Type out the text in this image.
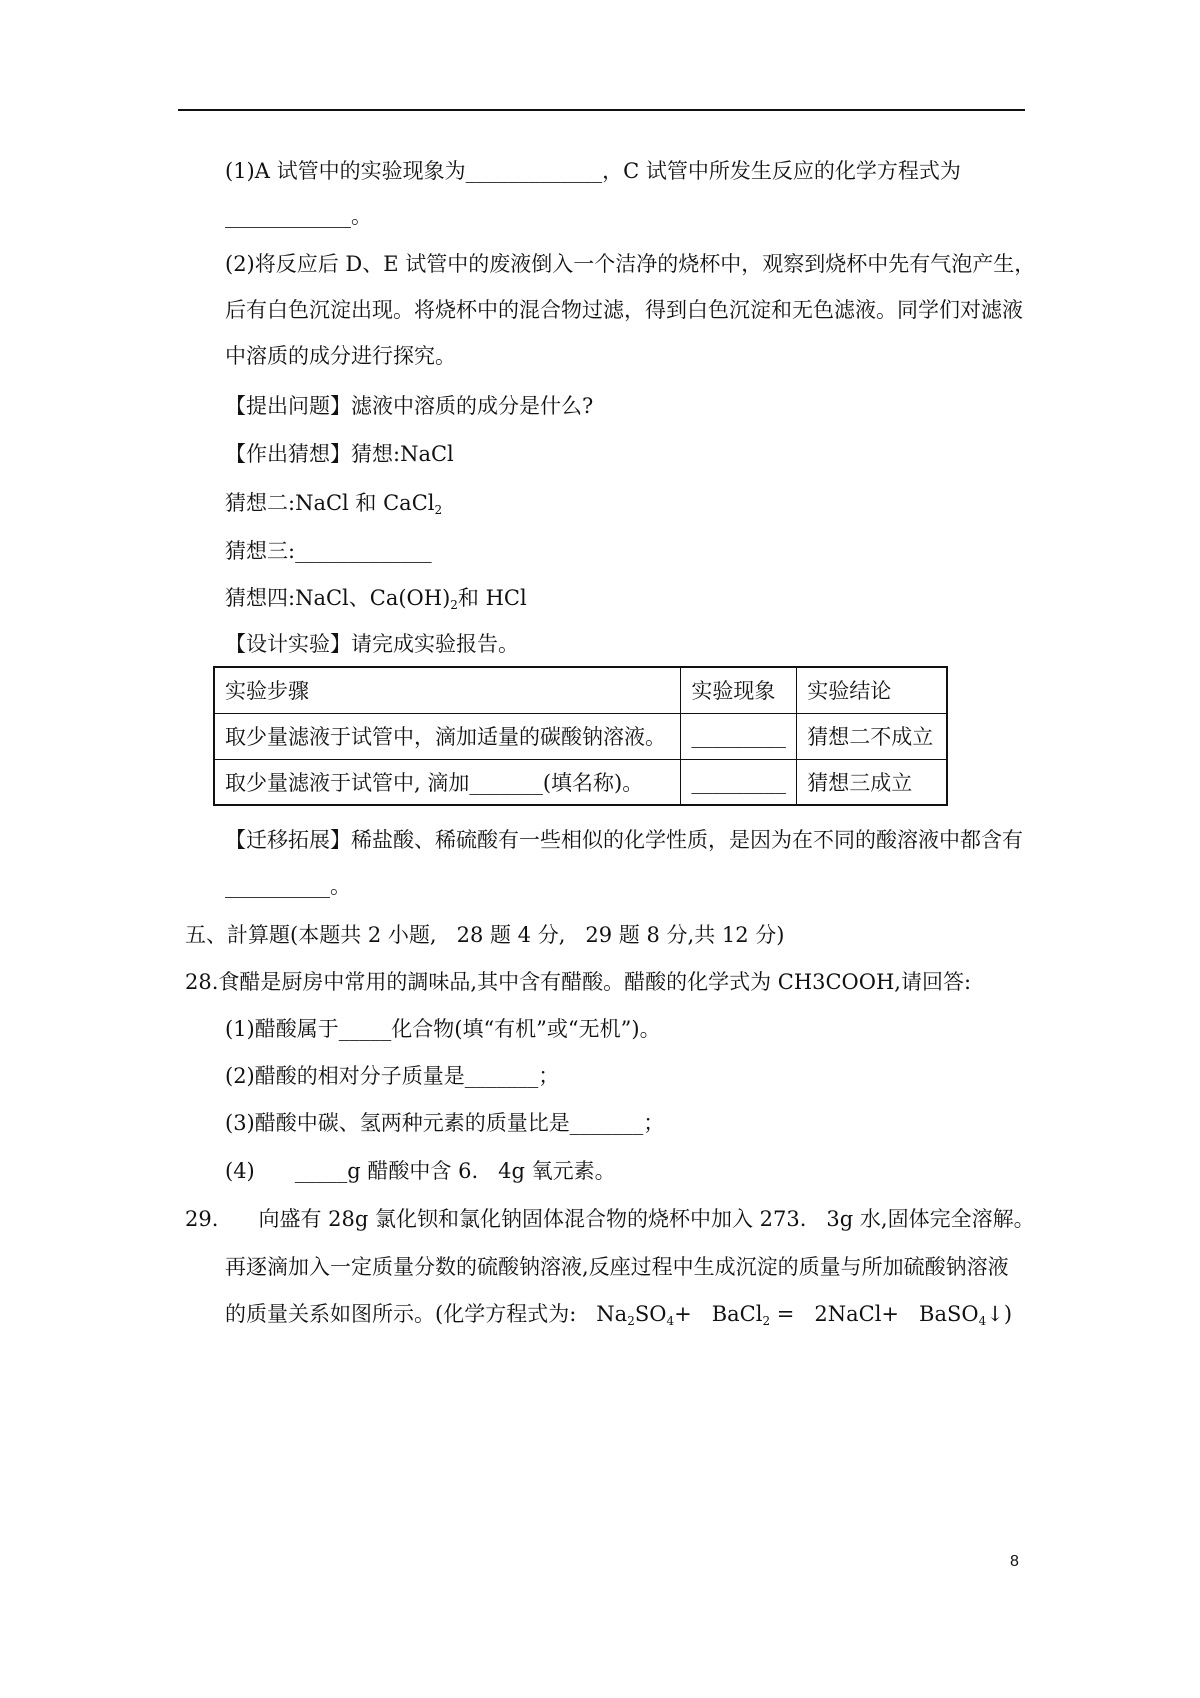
(1)A 试管中的实验现象为_____________，C 试管中所发生反应的化学方程式为
____________。
(2)将反应后 D、E 试管中的废液倒入一个洁净的烧杯中，观察到烧杯中先有气泡产生，
后有白色沉淀出现。将烧杯中的混合物过滤，得到白色沉淀和无色滤液。同学们对滤液
中溶质的成分进行探究。
【提出问题】滤液中溶质的成分是什么?
【作出猜想】猜想:NaCl
猜想二:NaCl 和 CaCl$_2$
猜想三:_____________
猜想四:NaCl、$Ca(OH)_2$和 HCl
【设计实验】请完成实验报告。
实验步骤	实验现象	实验结论
取少量滤液于试管中，滴加适量的碳酸钠溶液。	_________	猜想二不成立
取少量滤液于试管中, 滴加_______(填名称)。	_________	猜想三成立
【迁移拓展】稀盐酸、稀硫酸有一些相似的化学性质，是因为在不同的酸溶液中都含有
__________。
五、計算題(本题共 2 小题,   28 题 4 分,   29 题 8 分,共 12 分)
28.食醋是厨房中常用的調味品,其中含有醋酸。醋酸的化学式为 CH3COOH,请回答:
(1)醋酸属于_____化合物(填“有机”或“无机”)。
(2)醋酸的相对分子质量是_______；
(3)醋酸中碳、氢两种元素的质量比是_______；
(4)      _____g 醋酸中含 6.   4g 氧元素。
29.      向盛有 28g 氯化钡和氯化钠固体混合物的烧杯中加入 273.   3g 水,固体完全溶解。
再逐滴加入一定质量分数的硫酸钠溶液,反座过程中生成沉淀的质量与所加硫酸钠溶液
的质量关系如图所示。(化学方程式为:   $Na_2SO_4+$   BaCl$_2$ =   2NaCl+   BaSO$_4$↓)
8
